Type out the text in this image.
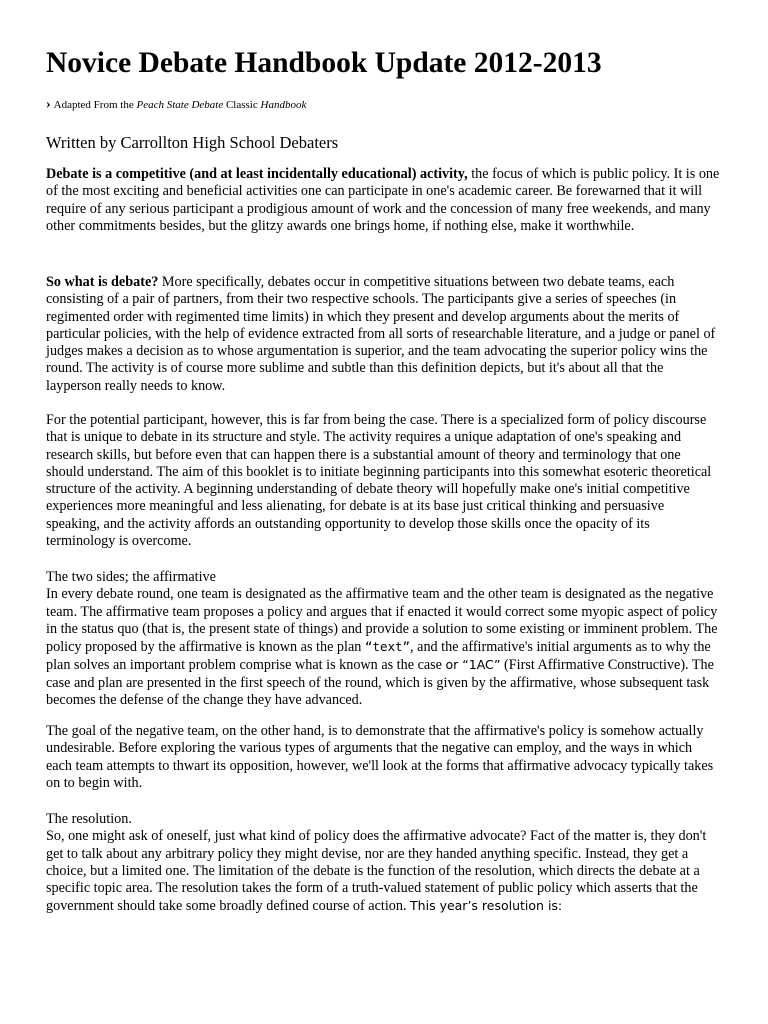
Novice Debate Handbook Update 2012-2013
› Adapted From the Peach State Debate Classic Handbook
Written by Carrollton High School Debaters

Debate is a competitive (and at least incidentally educational) activity, the focus of which is public policy. It is one of the most exciting and beneficial activities one can participate in one's academic career. Be forewarned that it will require of any serious participant a prodigious amount of work and the concession of many free weekends, and many other commitments besides, but the glitzy awards one brings home, if nothing else, make it worthwhile.

So what is debate? More specifically, debates occur in competitive situations between two debate teams, each consisting of a pair of partners, from their two respective schools. The participants give a series of speeches (in regimented order with regimented time limits) in which they present and develop arguments about the merits of particular policies, with the help of evidence extracted from all sorts of researchable literature, and a judge or panel of judges makes a decision as to whose argumentation is superior, and the team advocating the superior policy wins the round. The activity is of course more sublime and subtle than this definition depicts, but it's about all that the layperson really needs to know.

For the potential participant, however, this is far from being the case. There is a specialized form of policy discourse that is unique to debate in its structure and style. The activity requires a unique adaptation of one's speaking and research skills, but before even that can happen there is a substantial amount of theory and terminology that one should understand. The aim of this booklet is to initiate beginning participants into this somewhat esoteric theoretical structure of the activity. A beginning understanding of debate theory will hopefully make one's initial competitive experiences more meaningful and less alienating, for debate is at its base just critical thinking and persuasive speaking, and the activity affords an outstanding opportunity to develop those skills once the opacity of its terminology is overcome.

The two sides; the affirmative
In every debate round, one team is designated as the affirmative team and the other team is designated as the negative team. The affirmative team proposes a policy and argues that if enacted it would correct some myopic aspect of policy in the status quo (that is, the present state of things) and provide a solution to some existing or imminent problem. The policy proposed by the affirmative is known as the plan “text”, and the affirmative's initial arguments as to why the plan solves an important problem comprise what is known as the case or “1AC” (First Affirmative Constructive). The case and plan are presented in the first speech of the round, which is given by the affirmative, whose subsequent task becomes the defense of the change they have advanced.

The goal of the negative team, on the other hand, is to demonstrate that the affirmative's policy is somehow actually undesirable. Before exploring the various types of arguments that the negative can employ, and the ways in which each team attempts to thwart its opposition, however, we'll look at the forms that affirmative advocacy typically takes on to begin with.

The resolution.
So, one might ask of oneself, just what kind of policy does the affirmative advocate? Fact of the matter is, they don't get to talk about any arbitrary policy they might devise, nor are they handed anything specific. Instead, they get a choice, but a limited one. The limitation of the debate is the function of the resolution, which directs the debate at a specific topic area. The resolution takes the form of a truth-valued statement of public policy which asserts that the government should take some broadly defined course of action. This year’s resolution is:
